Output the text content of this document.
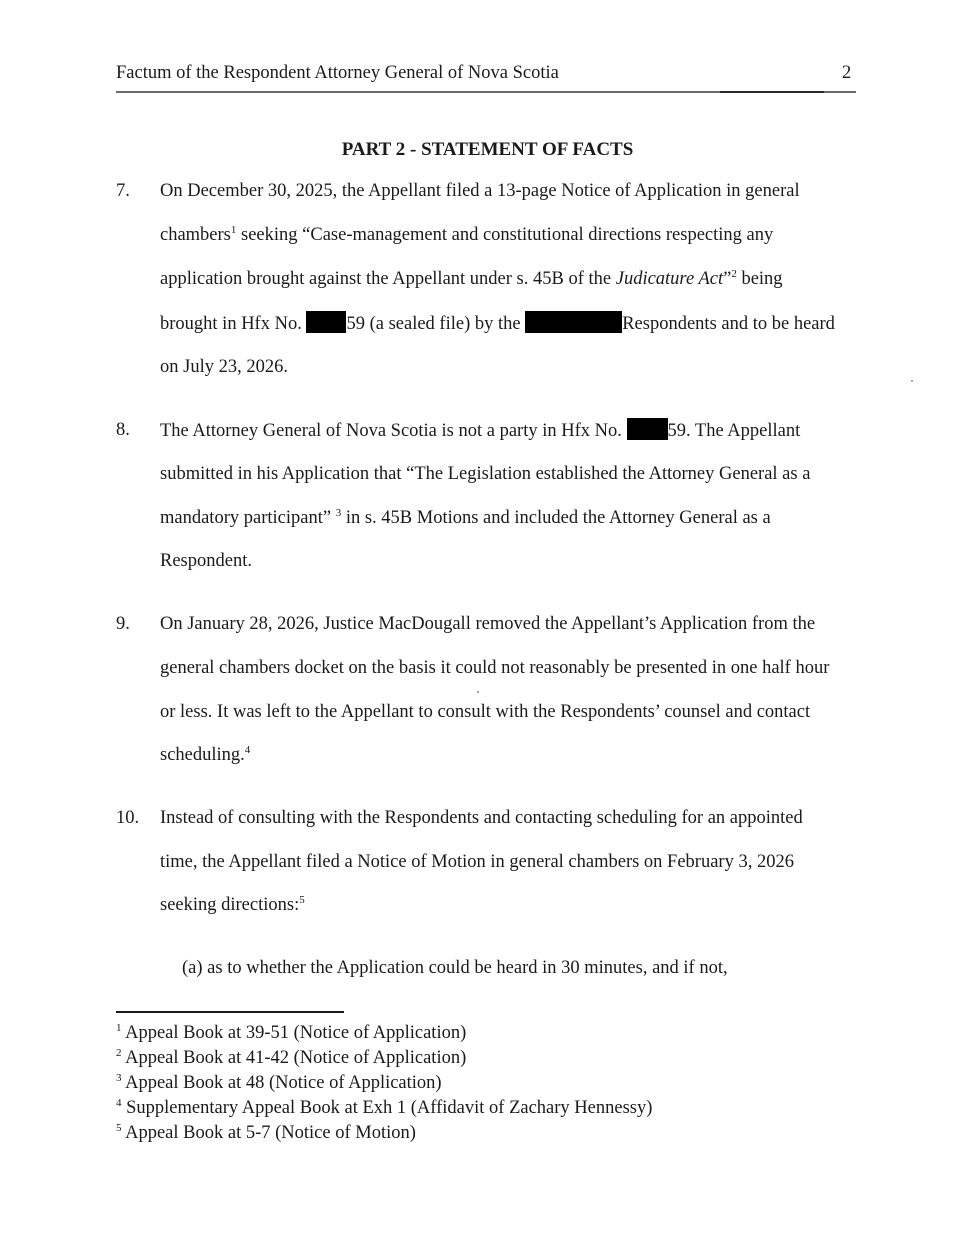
Factum of the Respondent Attorney General of Nova Scotia	2
PART 2 - STATEMENT OF FACTS
7. On December 30, 2025, the Appellant filed a 13-page Notice of Application in general
chambers$^1$ seeking “Case-management and constitutional directions respecting any
application brought against the Appellant under s. 45B of the Judicature Act”$^2$ being
brought in Hfx No. 59 (a sealed file) by the	Respondents and to be heard
on July 23, 2026.
8. The Attorney General of Nova Scotia is not a party in Hfx No. 59. The Appellant
submitted in his Application that “The Legislation established the Attorney General as a
mandatory participant” $^3$ in s. 45B Motions and included the Attorney General as a
Respondent.
9. On January 28, 2026, Justice MacDougall removed the Appellant’s Application from the
general chambers docket on the basis it could not reasonably be presented in one half hour
or less. It was left to the Appellant to consult with the Respondents’ counsel and contact
scheduling.$^4$
10. Instead of consulting with the Respondents and contacting scheduling for an appointed
time, the Appellant filed a Notice of Motion in general chambers on February 3, 2026
seeking directions:$^5$
(a) as to whether the Application could be heard in 30 minutes, and if not,
$^1$ Appeal Book at 39-51 (Notice of Application)
$^2$ Appeal Book at 41-42 (Notice of Application)
$^3$ Appeal Book at 48 (Notice of Application)
$^4$ Supplementary Appeal Book at Exh 1 (Affidavit of Zachary Hennessy)
$^5$ Appeal Book at 5-7 (Notice of Motion)
